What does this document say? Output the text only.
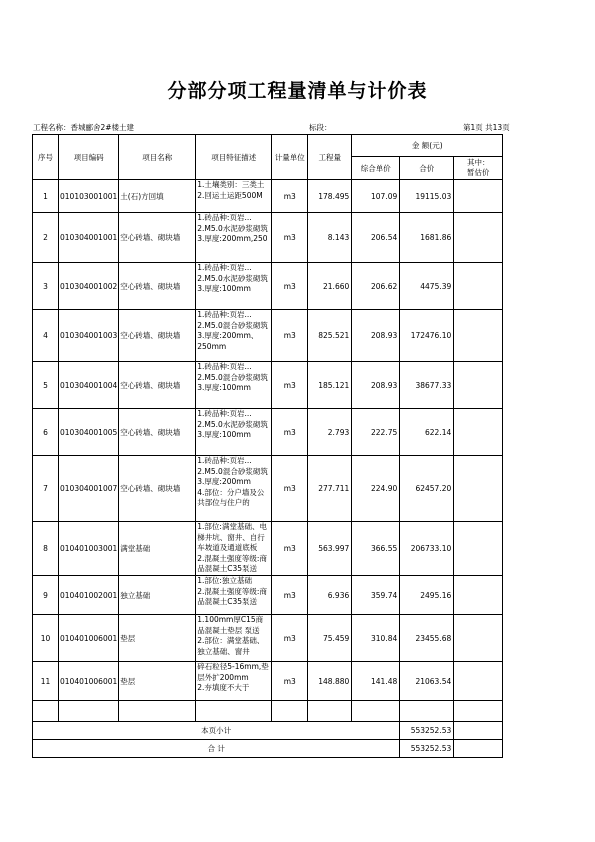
分部分项工程量清单与计价表
工程名称：香城郦舍2#楼土建	标段：	第1页 共13页
序号	项目编码	项目名称	项目特征描述	计量单位	工程量	金 额(元)		
						综合单价	合价	其中：
暂估价
1	010103001001	土(石)方回填	1.土壤类别：三类土
2.回运土运距500M	m3	178.495	107.09	19115.03	
2	010304001001	空心砖墙、砌块墙	1.砖品种:页岩...
2.M5.0水泥砂浆砌筑
3.厚度:200mm,250	m3	8.143	206.54	1681.86	
3	010304001002	空心砖墙、砌块墙	1.砖品种:页岩...
2.M5.0水泥砂浆砌筑
3.厚度:100mm	m3	21.660	206.62	4475.39	
4	010304001003	空心砖墙、砌块墙	1.砖品种:页岩...
2.M5.0混合砂浆砌筑
3.厚度:200mm、250mm	m3	825.521	208.93	172476.10	
5	010304001004	空心砖墙、砌块墙	1.砖品种:页岩...
2.M5.0混合砂浆砌筑
3.厚度:100mm	m3	185.121	208.93	38677.33	
6	010304001005	空心砖墙、砌块墙	1.砖品种:页岩...
2.M5.0水泥砂浆砌筑
3.厚度:100mm	m3	2.793	222.75	622.14	
7	010304001007	空心砖墙、砌块墙	1.砖品种:页岩...
2.M5.0混合砂浆砌筑
3.厚度:200mm
4.部位：分户墙及公共部位与住户的	m3	277.711	224.90	62457.20	
8	010401003001	满堂基础	1.部位:满堂基础、电梯井坑、窗井、自行车坡道及通道底板
2.混凝土强度等级:商品混凝土C35泵送	m3	563.997	366.55	206733.10	
9	010401002001	独立基础	1.部位:独立基础
2.混凝土强度等级:商品混凝土C35泵送	m3	6.936	359.74	2495.16	
10	010401006001	垫层	1.100mm厚C15商品混凝土垫层 泵送
2.部位：满堂基础、独立基础、窗井	m3	75.459	310.84	23455.68	
11	010401006001	垫层	碎石粒径5-16mm,垫层外扩200mm
2.夯填度不大于	m3	148.880	141.48	21063.54	

本页小计							553252.53	
合 计							553252.53	
